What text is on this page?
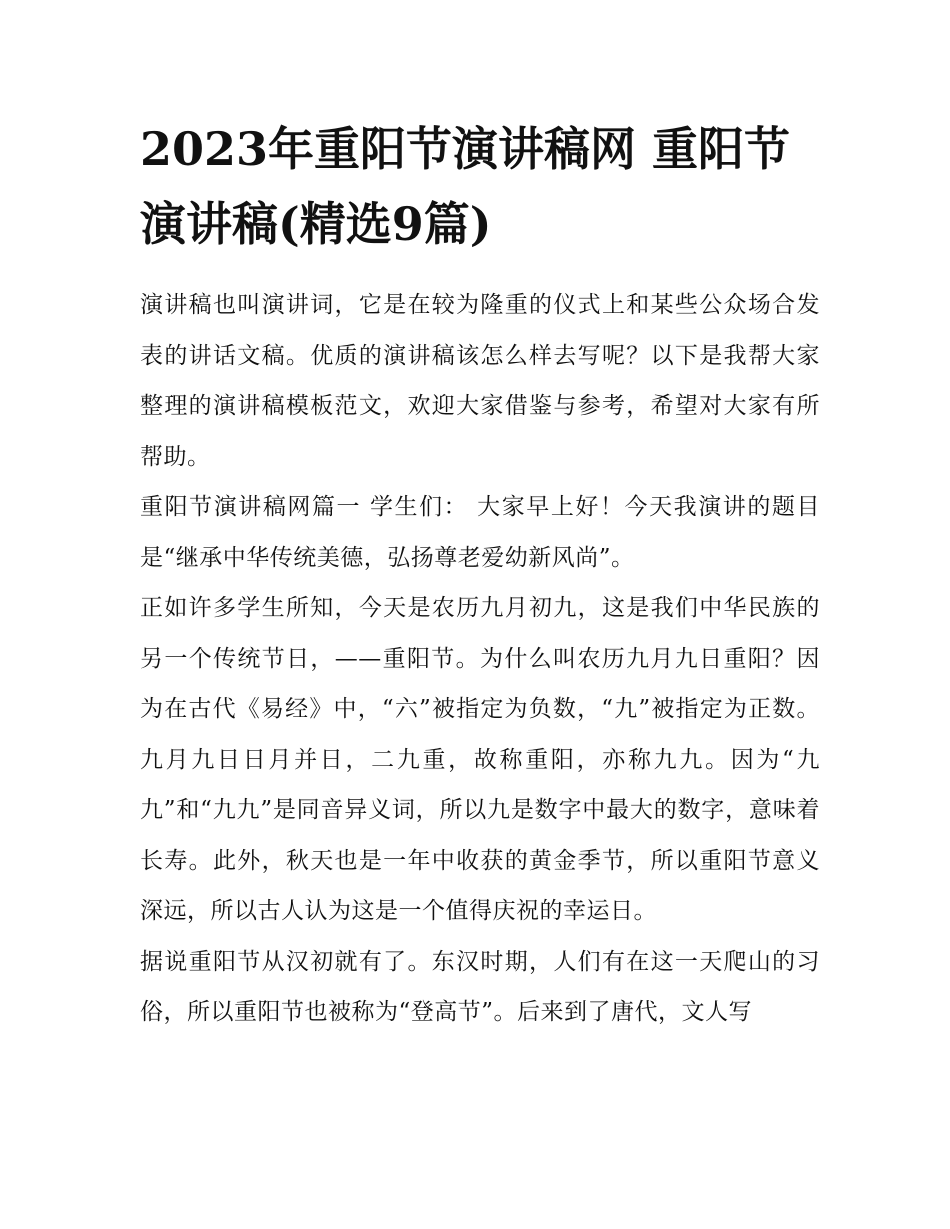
2023年重阳节演讲稿网 重阳节演讲稿(精选9篇)

演讲稿也叫演讲词，它是在较为隆重的仪式上和某些公众场合发表的讲话文稿。优质的演讲稿该怎么样去写呢？以下是我帮大家整理的演讲稿模板范文，欢迎大家借鉴与参考，希望对大家有所帮助。

重阳节演讲稿网篇一 学生们： 大家早上好！今天我演讲的题目是“继承中华传统美德，弘扬尊老爱幼新风尚”。

正如许多学生所知，今天是农历九月初九，这是我们中华民族的另一个传统节日，——重阳节。为什么叫农历九月九日重阳？因为在古代《易经》中，“六”被指定为负数，“九”被指定为正数。九月九日日月并日，二九重，故称重阳，亦称九九。因为“九九”和“九九”是同音异义词，所以九是数字中最大的数字，意味着长寿。此外，秋天也是一年中收获的黄金季节，所以重阳节意义深远，所以古人认为这是一个值得庆祝的幸运日。

据说重阳节从汉初就有了。东汉时期，人们有在这一天爬山的习俗，所以重阳节也被称为“登高节”。后来到了唐代，文人写
